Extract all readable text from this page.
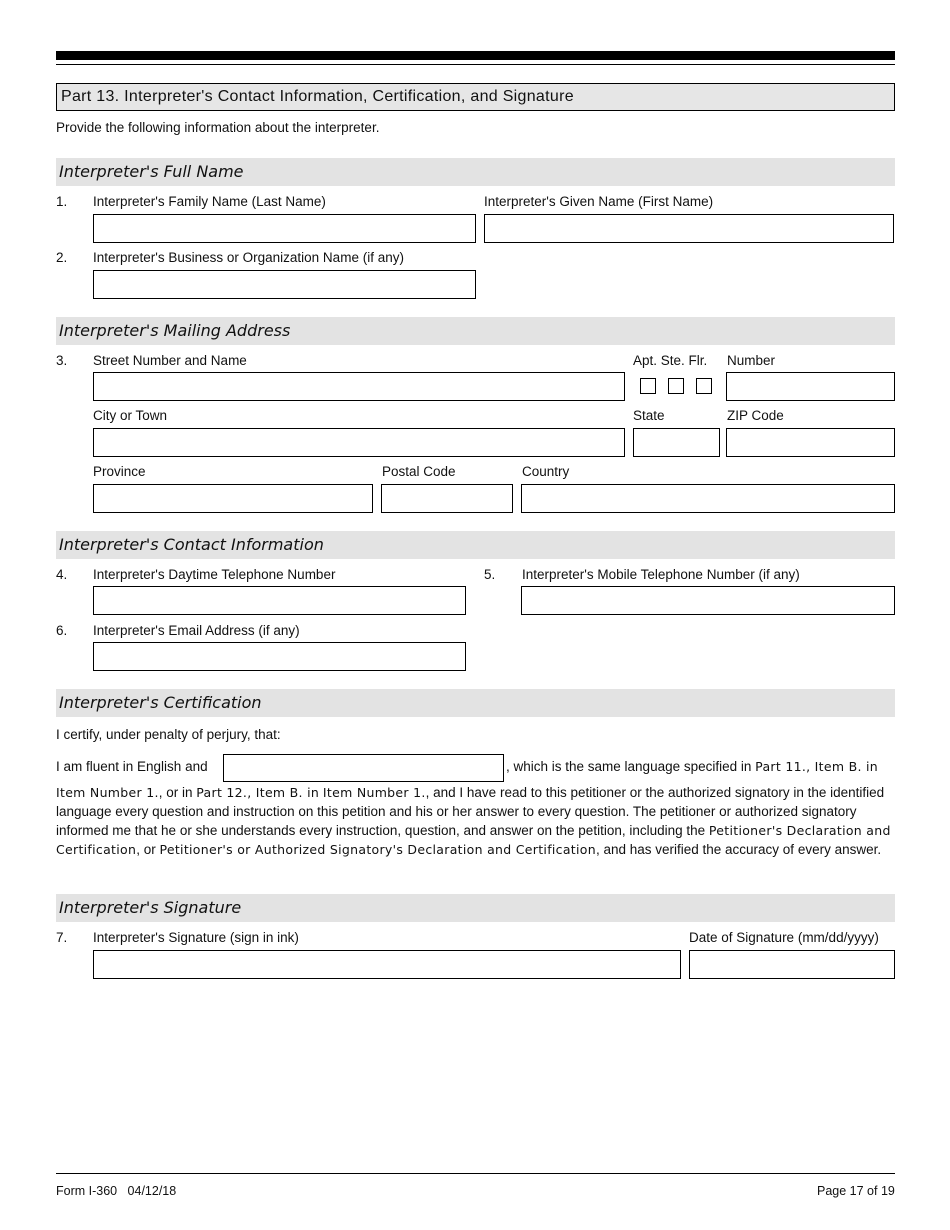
Part 13. Interpreter's Contact Information, Certification, and Signature
Provide the following information about the interpreter.
Interpreter's Full Name
1. Interpreter's Family Name (Last Name)	Interpreter's Given Name (First Name)
2. Interpreter's Business or Organization Name (if any)
Interpreter's Mailing Address
3. Street Number and Name	Apt. Ste. Flr. Number
City or Town	State	ZIP Code
Province	Postal Code	Country
Interpreter's Contact Information
4. Interpreter's Daytime Telephone Number	5. Interpreter's Mobile Telephone Number (if any)
6. Interpreter's Email Address (if any)
Interpreter's Certification
I certify, under penalty of perjury, that:
I am fluent in English and	, which is the same language specified in Part 11., Item B. in
Item Number 1., or in Part 12., Item B. in Item Number 1., and I have read to this petitioner or the authorized signatory in the identified language every question and instruction on this petition and his or her answer to every question. The petitioner or authorized signatory informed me that he or she understands every instruction, question, and answer on the petition, including the Petitioner's Declaration and Certification, or Petitioner's or Authorized Signatory's Declaration and Certification, and has verified the accuracy of every answer.
Interpreter's Signature
7. Interpreter's Signature (sign in ink)	Date of Signature (mm/dd/yyyy)
Form I-360   04/12/18	Page 17 of 19
